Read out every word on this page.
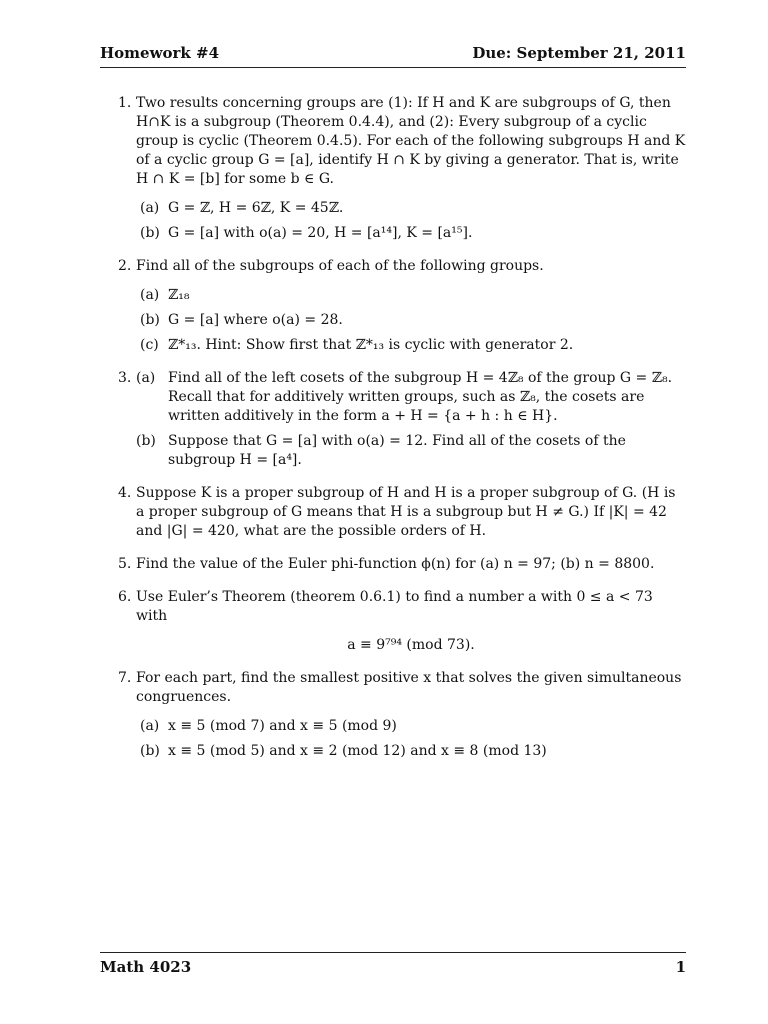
Homework #4	Due: September 21, 2011
1. Two results concerning groups are (1): If H and K are subgroups of G, then H∩K is a subgroup (Theorem 0.4.4), and (2): Every subgroup of a cyclic group is cyclic (Theorem 0.4.5). For each of the following subgroups H and K of a cyclic group G = [a], identify H ∩ K by giving a generator. That is, write H ∩ K = [b] for some b ∈ G.
(a) G = ℤ, H = 6ℤ, K = 45ℤ.
(b) G = [a] with o(a) = 20, H = [a¹⁴], K = [a¹⁵].
2. Find all of the subgroups of each of the following groups.
(a) ℤ₁₈
(b) G = [a] where o(a) = 28.
(c) ℤ*₁₃. Hint: Show first that ℤ*₁₃ is cyclic with generator 2.
3. (a) Find all of the left cosets of the subgroup H = 4ℤ₈ of the group G = ℤ₈. Recall that for additively written groups, such as ℤ₈, the cosets are written additively in the form a + H = {a + h : h ∈ H}.
(b) Suppose that G = [a] with o(a) = 12. Find all of the cosets of the subgroup H = [a⁴].
4. Suppose K is a proper subgroup of H and H is a proper subgroup of G. (H is a proper subgroup of G means that H is a subgroup but H ≠ G.) If |K| = 42 and |G| = 420, what are the possible orders of H.
5. Find the value of the Euler phi-function ϕ(n) for (a) n = 97; (b) n = 8800.
6. Use Euler’s Theorem (theorem 0.6.1) to find a number a with 0 ≤ a < 73 with
a ≡ 9⁷⁹⁴ (mod 73).
7. For each part, find the smallest positive x that solves the given simultaneous congruences.
(a) x ≡ 5 (mod 7) and x ≡ 5 (mod 9)
(b) x ≡ 5 (mod 5) and x ≡ 2 (mod 12) and x ≡ 8 (mod 13)
Math 4023	1
